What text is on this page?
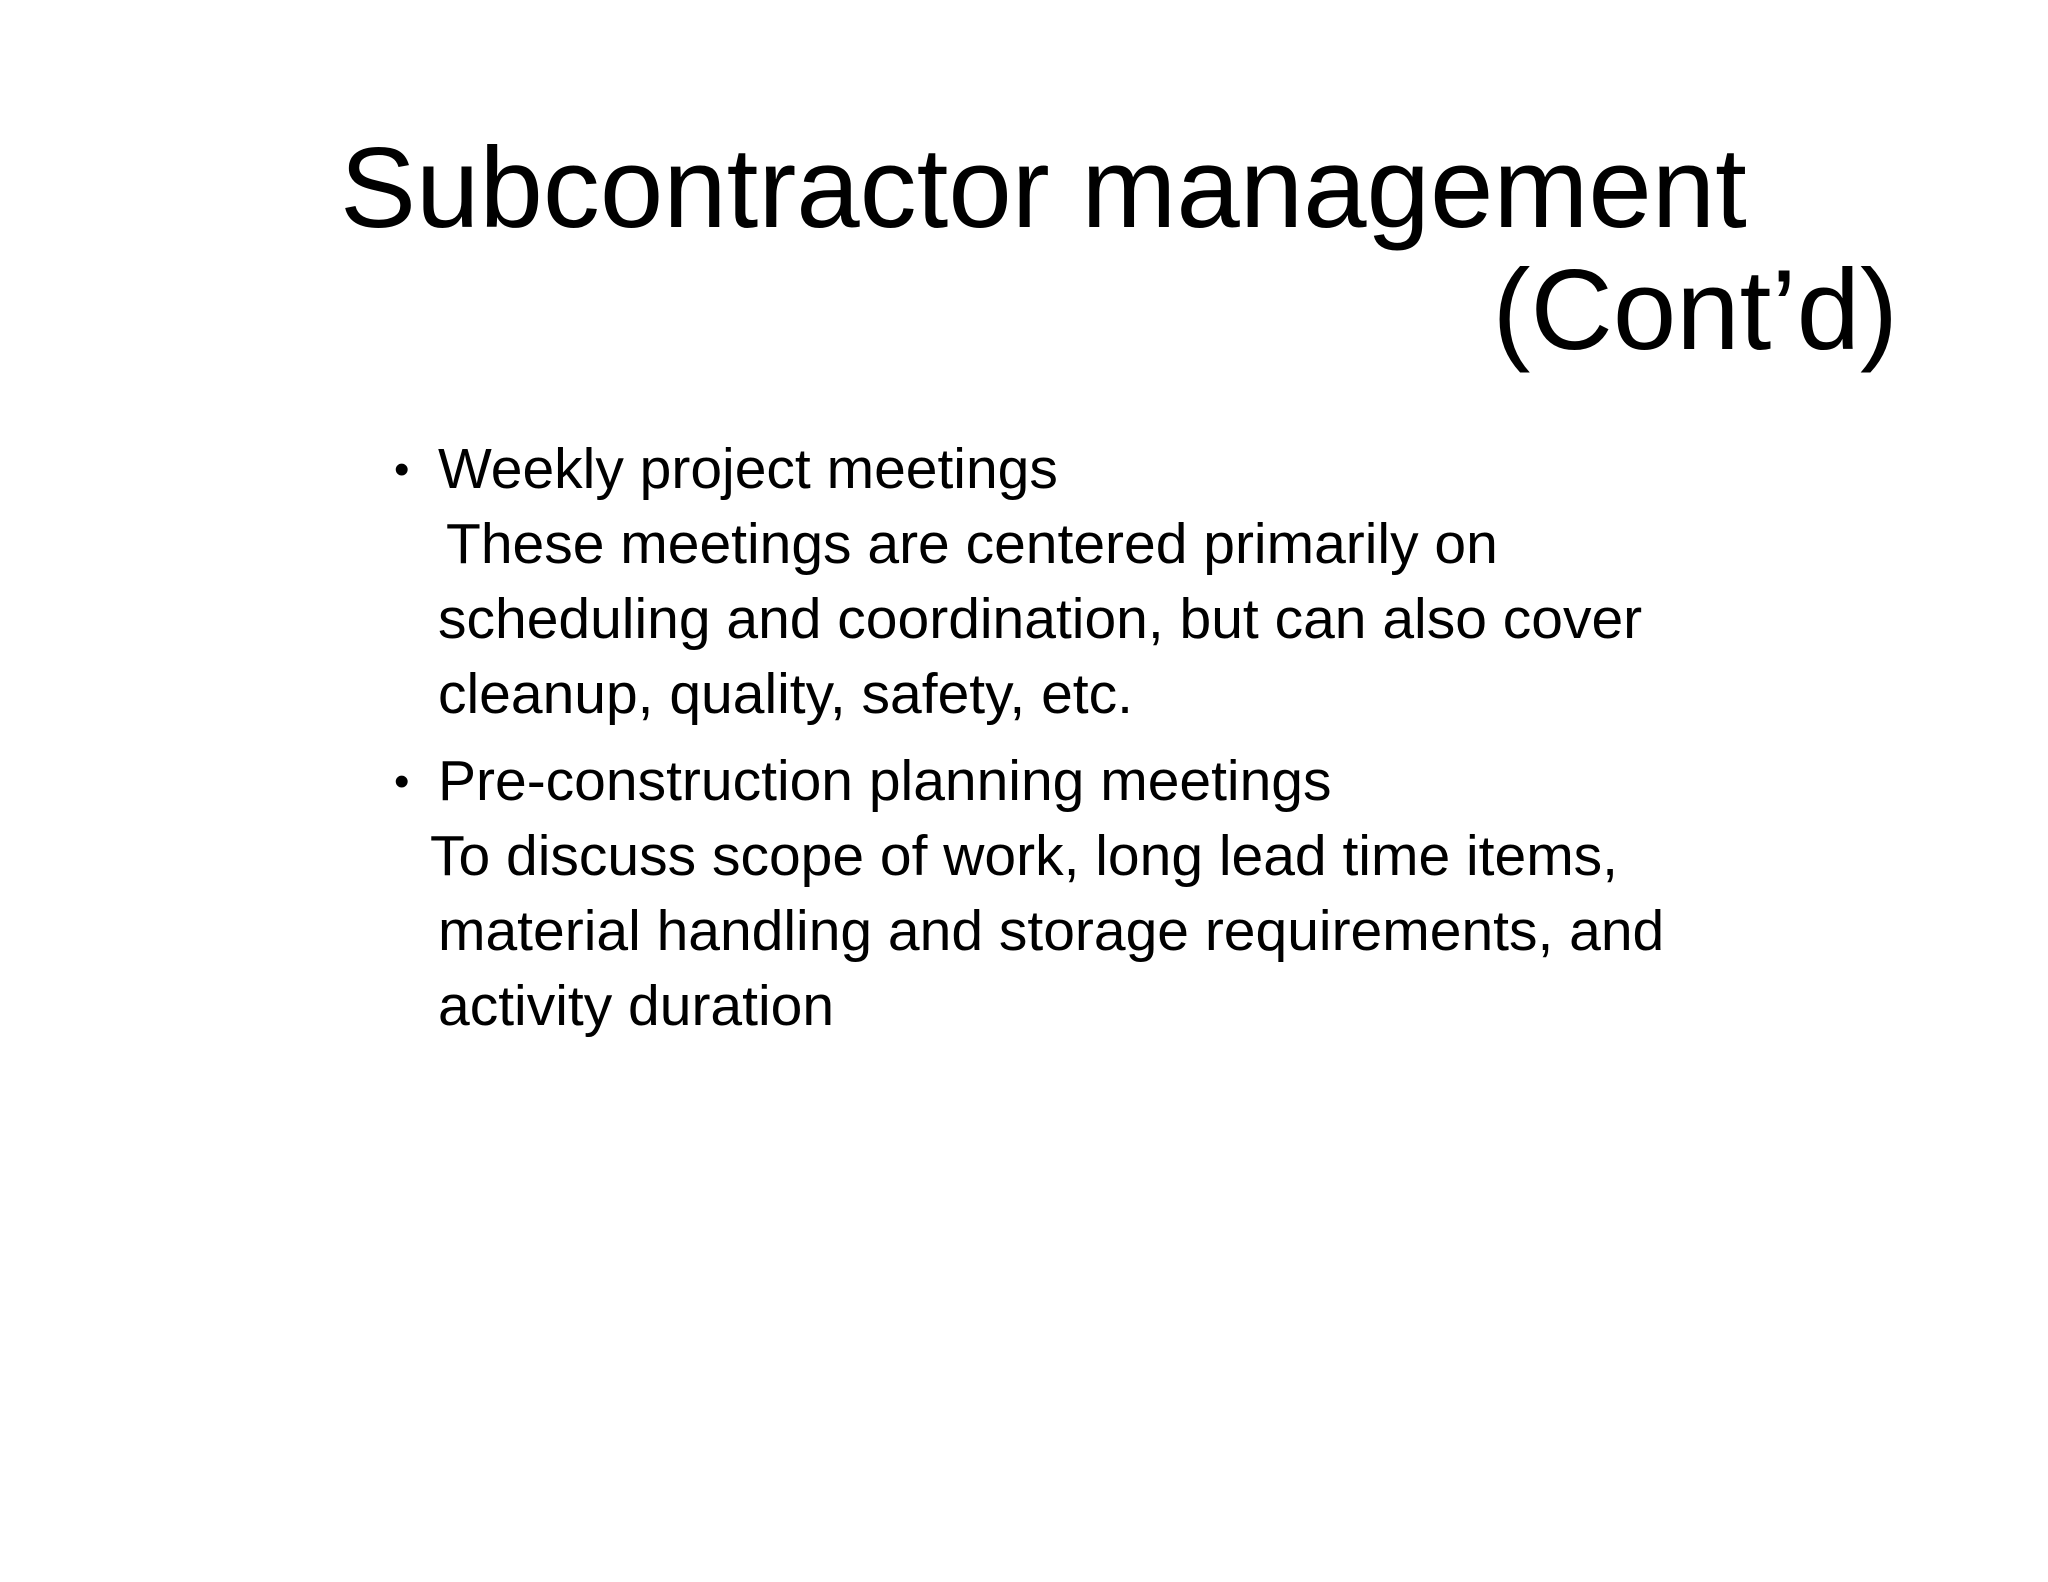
Subcontractor management
(Cont’d)
• Weekly project meetings
These meetings are centered primarily on
scheduling and coordination, but can also cover
cleanup, quality, safety, etc.
• Pre-construction planning meetings
To discuss scope of work, long lead time items,
material handling and storage requirements, and
activity duration
